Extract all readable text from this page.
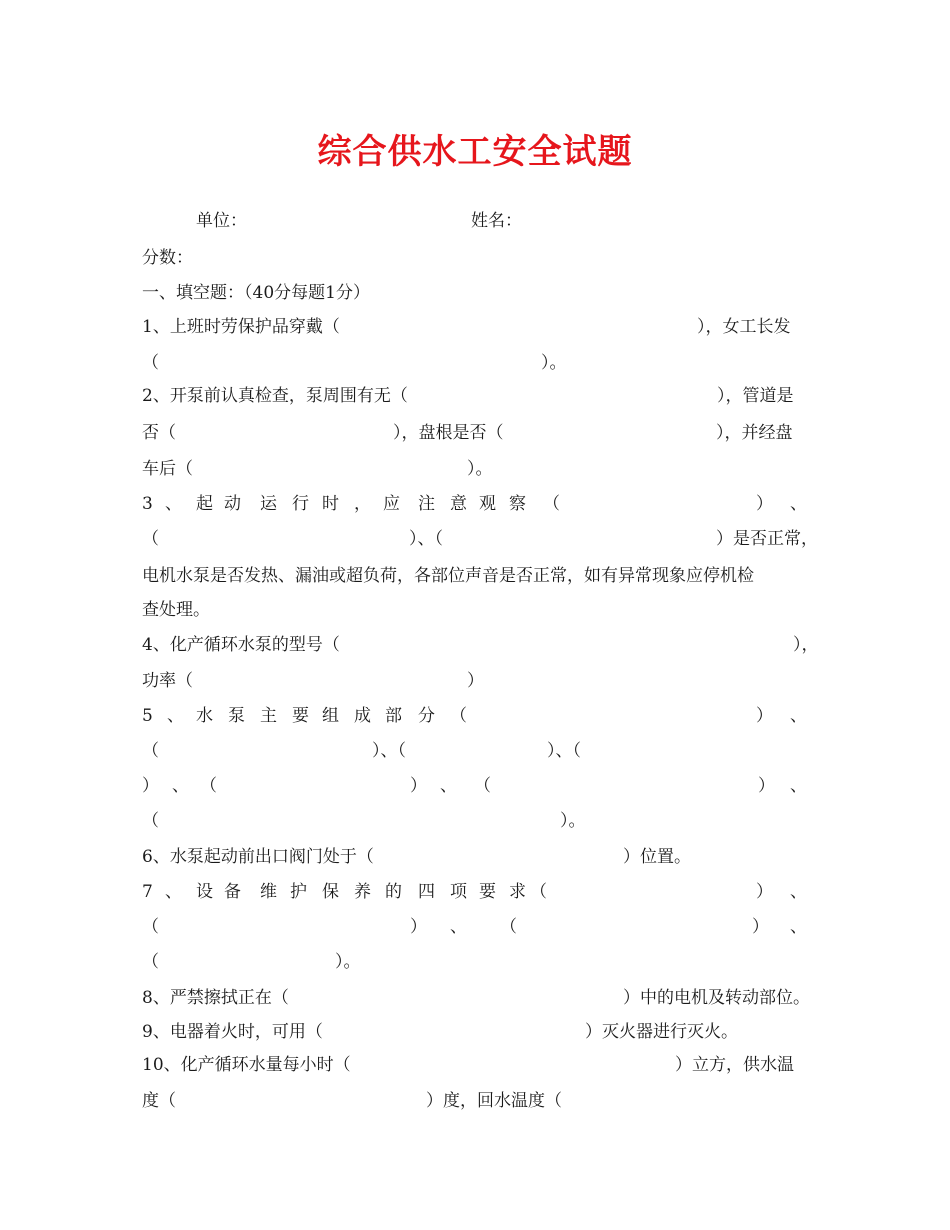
综合供水工安全试题
单位：	姓名：
分数：
一、填空题：（40分每题1分）
1、上班时劳保护品穿戴（	），女工长发
（	）。
2、开泵前认真检查，泵周围有无（	），管道是
否（	），盘根是否（	），并经盘
车后（	）。
3 、 起 动 运 行 时 ， 应 注 意 观 察 （	） 、
（	）、（	）是否正常，
电机水泵是否发热、漏油或超负荷，各部位声音是否正常，如有异常现象应停机检
查处理。
4、化产循环水泵的型号（	），
功率（	）
5 、 水 泵 主 要 组 成 部 分 （	） 、
（	）、（	）、（
） 、 （	） 、 （	） 、
（	）。
6、水泵起动前出口阀门处于（	）位置。
7 、 设 备 维 护 保 养 的 四 项 要 求 （	） 、
（	） 、 （	） 、
（	）。
8、严禁擦拭正在（	）中的电机及转动部位。
9、电器着火时，可用（	）灭火器进行灭火。
10、化产循环水量每小时（	）立方，供水温
度（	）度，回水温度（
